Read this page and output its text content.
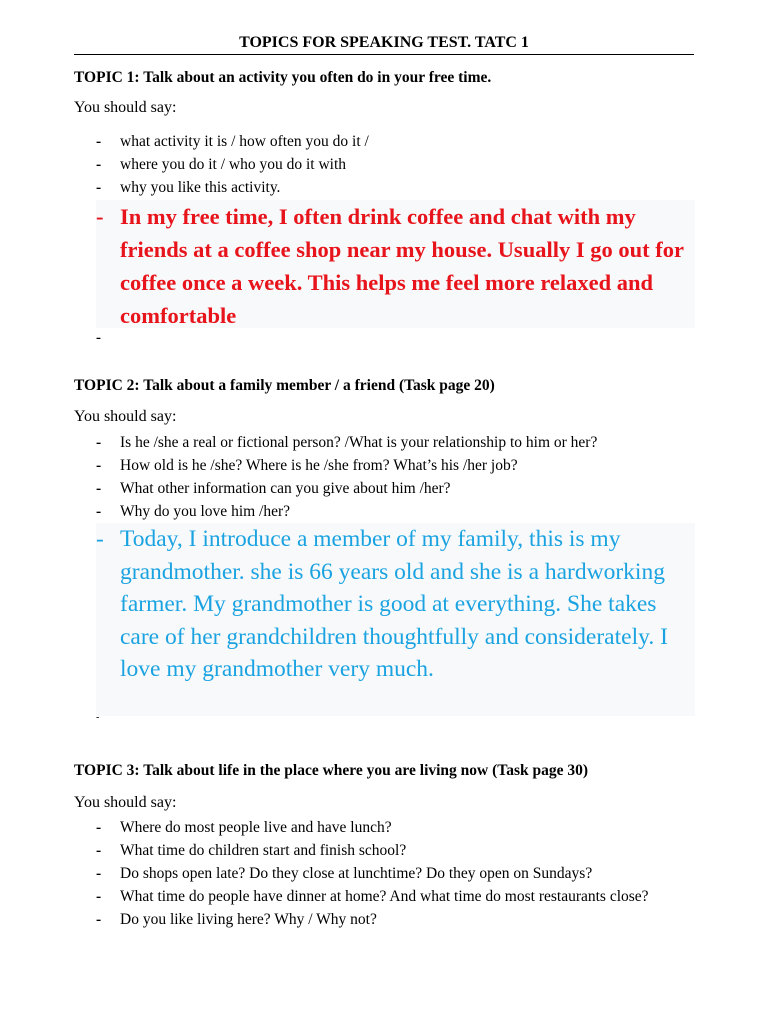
TOPICS FOR SPEAKING TEST. TATC 1
TOPIC 1: Talk about an activity you often do in your free time.
You should say:
- what activity it is / how often you do it /
- where you do it / who you do it with
- why you like this activity.
- In my free time, I often drink coffee and chat with my friends at a coffee shop near my house. Usually I go out for coffee once a week. This helps me feel more relaxed and comfortable
-
TOPIC 2: Talk about a family member / a friend (Task page 20)
You should say:
- Is he /she a real or fictional person? /What is your relationship to him or her?
- How old is he /she? Where is he /she from? What’s his /her job?
- What other information can you give about him /her?
- Why do you love him /her?
- Today, I introduce a member of my family, this is my grandmother. she is 66 years old and she is a hardworking farmer. My grandmother is good at everything. She takes care of her grandchildren thoughtfully and considerately. I love my grandmother very much.
-
TOPIC 3: Talk about life in the place where you are living now (Task page 30)
You should say:
- Where do most people live and have lunch?
- What time do children start and finish school?
- Do shops open late? Do they close at lunchtime? Do they open on Sundays?
- What time do people have dinner at home? And what time do most restaurants close?
- Do you like living here? Why / Why not?
